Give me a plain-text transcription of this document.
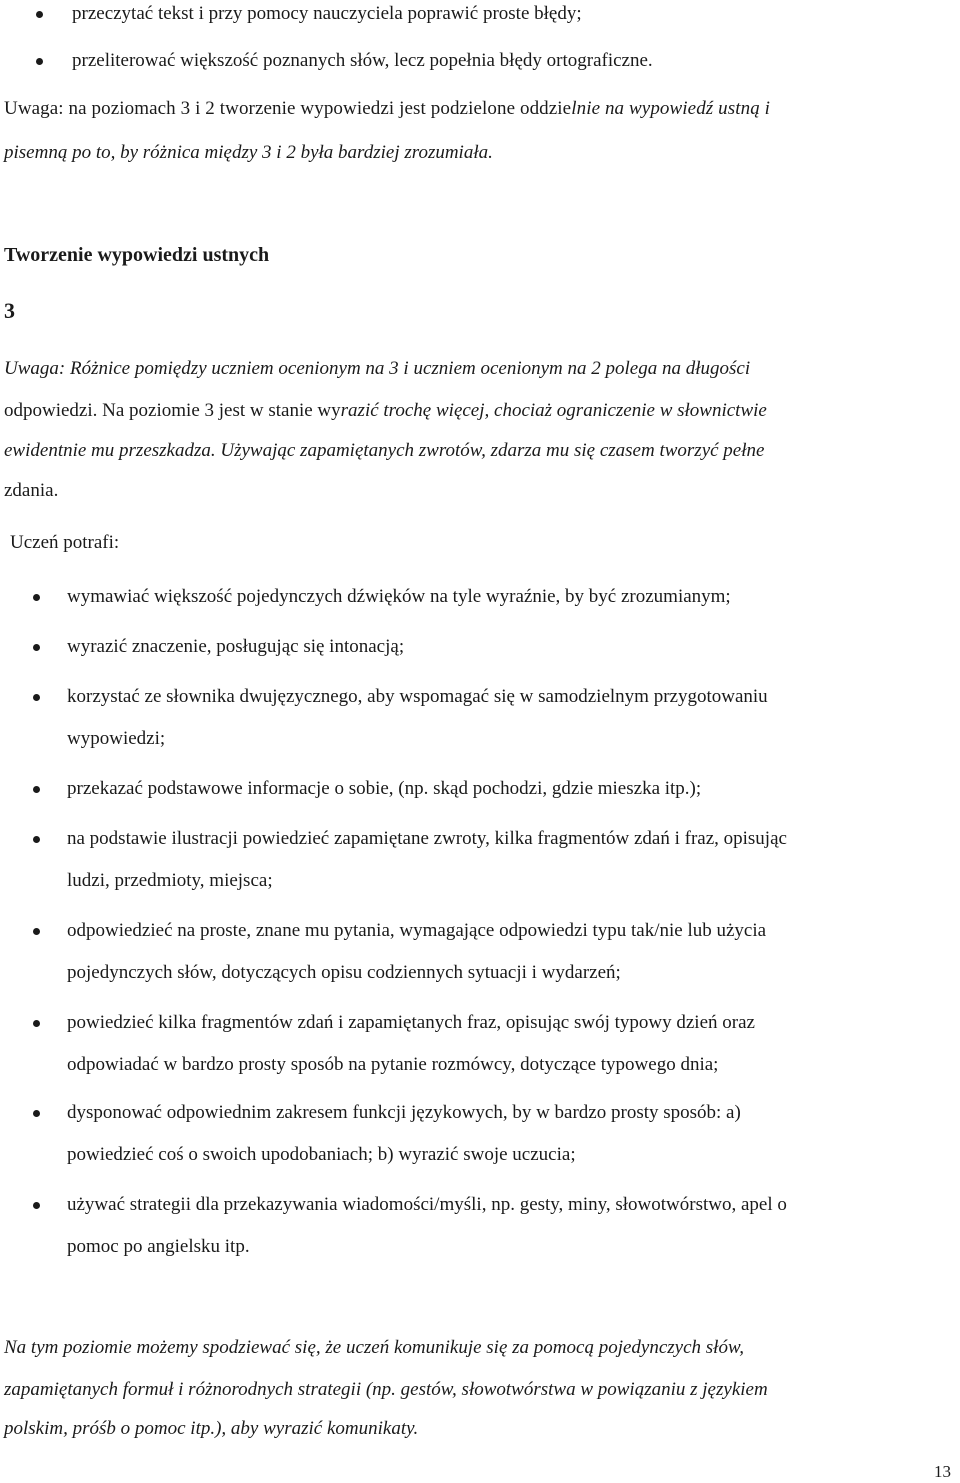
przeczytać tekst i przy pomocy nauczyciela poprawić proste błędy;
przeliterować większość poznanych słów, lecz popełnia błędy ortograficzne.
Uwaga: na poziomach 3 i 2 tworzenie wypowiedzi jest podzielone oddzielnie na wypowiedź ustną i
pisemną po to, by różnica między 3 i 2 była bardziej zrozumiała.
Tworzenie wypowiedzi ustnych
3
Uwaga: Różnice pomiędzy uczniem ocenionym na 3 i uczniem ocenionym na 2 polega na długości
odpowiedzi. Na poziomie 3 jest w stanie wyrazić trochę więcej, chociaż ograniczenie w słownictwie
ewidentnie mu przeszkadza. Używając zapamiętanych zwrotów, zdarza mu się czasem tworzyć pełne
zdania.
Uczeń potrafi:
wymawiać większość pojedynczych dźwięków na tyle wyraźnie, by być zrozumianym;
wyrazić znaczenie, posługując się intonacją;
korzystać ze słownika dwujęzycznego, aby wspomagać się w samodzielnym przygotowaniu
wypowiedzi;
przekazać podstawowe informacje o sobie, (np. skąd pochodzi, gdzie mieszka itp.);
na podstawie ilustracji powiedzieć zapamiętane zwroty, kilka fragmentów zdań i fraz, opisując
ludzi, przedmioty, miejsca;
odpowiedzieć na proste, znane mu pytania, wymagające odpowiedzi typu tak/nie lub użycia
pojedynczych słów, dotyczących opisu codziennych sytuacji i wydarzeń;
powiedzieć kilka fragmentów zdań i zapamiętanych fraz, opisując swój typowy dzień oraz
odpowiadać w bardzo prosty sposób na pytanie rozmówcy, dotyczące typowego dnia;
dysponować odpowiednim zakresem funkcji językowych, by w bardzo prosty sposób: a)
powiedzieć coś o swoich upodobaniach; b) wyrazić swoje uczucia;
używać strategii dla przekazywania wiadomości/myśli, np. gesty, miny, słowotwórstwo, apel o
pomoc po angielsku itp.
Na tym poziomie możemy spodziewać się, że uczeń komunikuje się za pomocą pojedynczych słów,
zapamiętanych formuł i różnorodnych strategii (np. gestów, słowotwórstwa w powiązaniu z językiem
polskim, próśb o pomoc itp.), aby wyrazić komunikaty.
13
